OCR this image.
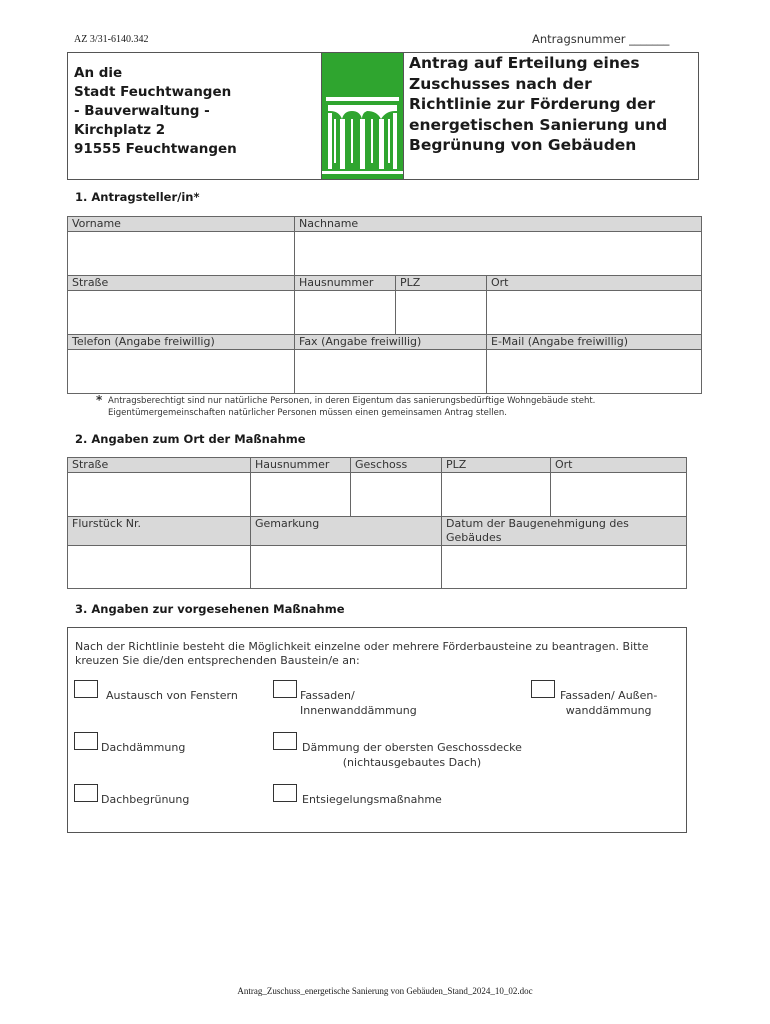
AZ 3/31-6140.342	Antragsnummer _______
An die
Stadt Feuchtwangen
- Bauverwaltung -
Kirchplatz 2
91555 Feuchtwangen
Antrag auf Erteilung eines
Zuschusses nach der
Richtlinie zur Förderung der
energetischen Sanierung und
Begrünung von Gebäuden
1. Antragsteller/in*
Vorname	Nachname		

Straße	Hausnummer	PLZ	Ort

Telefon (Angabe freiwillig)	Fax (Angabe freiwillig)		E-Mail (Angabe freiwillig)

* Antragsberechtigt sind nur natürliche Personen, in deren Eigentum das sanierungsbedürftige Wohngebäude steht.
Eigentümergemeinschaften natürlicher Personen müssen einen gemeinsamen Antrag stellen.
2. Angaben zum Ort der Maßnahme
Straße	Hausnummer	Geschoss	PLZ	Ort

Flurstück Nr.	Gemarkung		Datum der Baugenehmigung des
Gebäudes	

3. Angaben zur vorgesehenen Maßnahme
Nach der Richtlinie besteht die Möglichkeit einzelne oder mehrere Förderbausteine zu beantragen. Bitte
kreuzen Sie die/den entsprechenden Baustein/e an:
Austausch von Fenstern	Fassaden/
Innenwanddämmung
Fassaden/ Außen-
wanddämmung
Dachdämmung	Dämmung der obersten Geschossdecke
(nichtausgebautes Dach)
Dachbegrünung	Entsiegelungsmaßnahme
Antrag_Zuschuss_energetische Sanierung von Gebäuden_Stand_2024_10_02.doc
